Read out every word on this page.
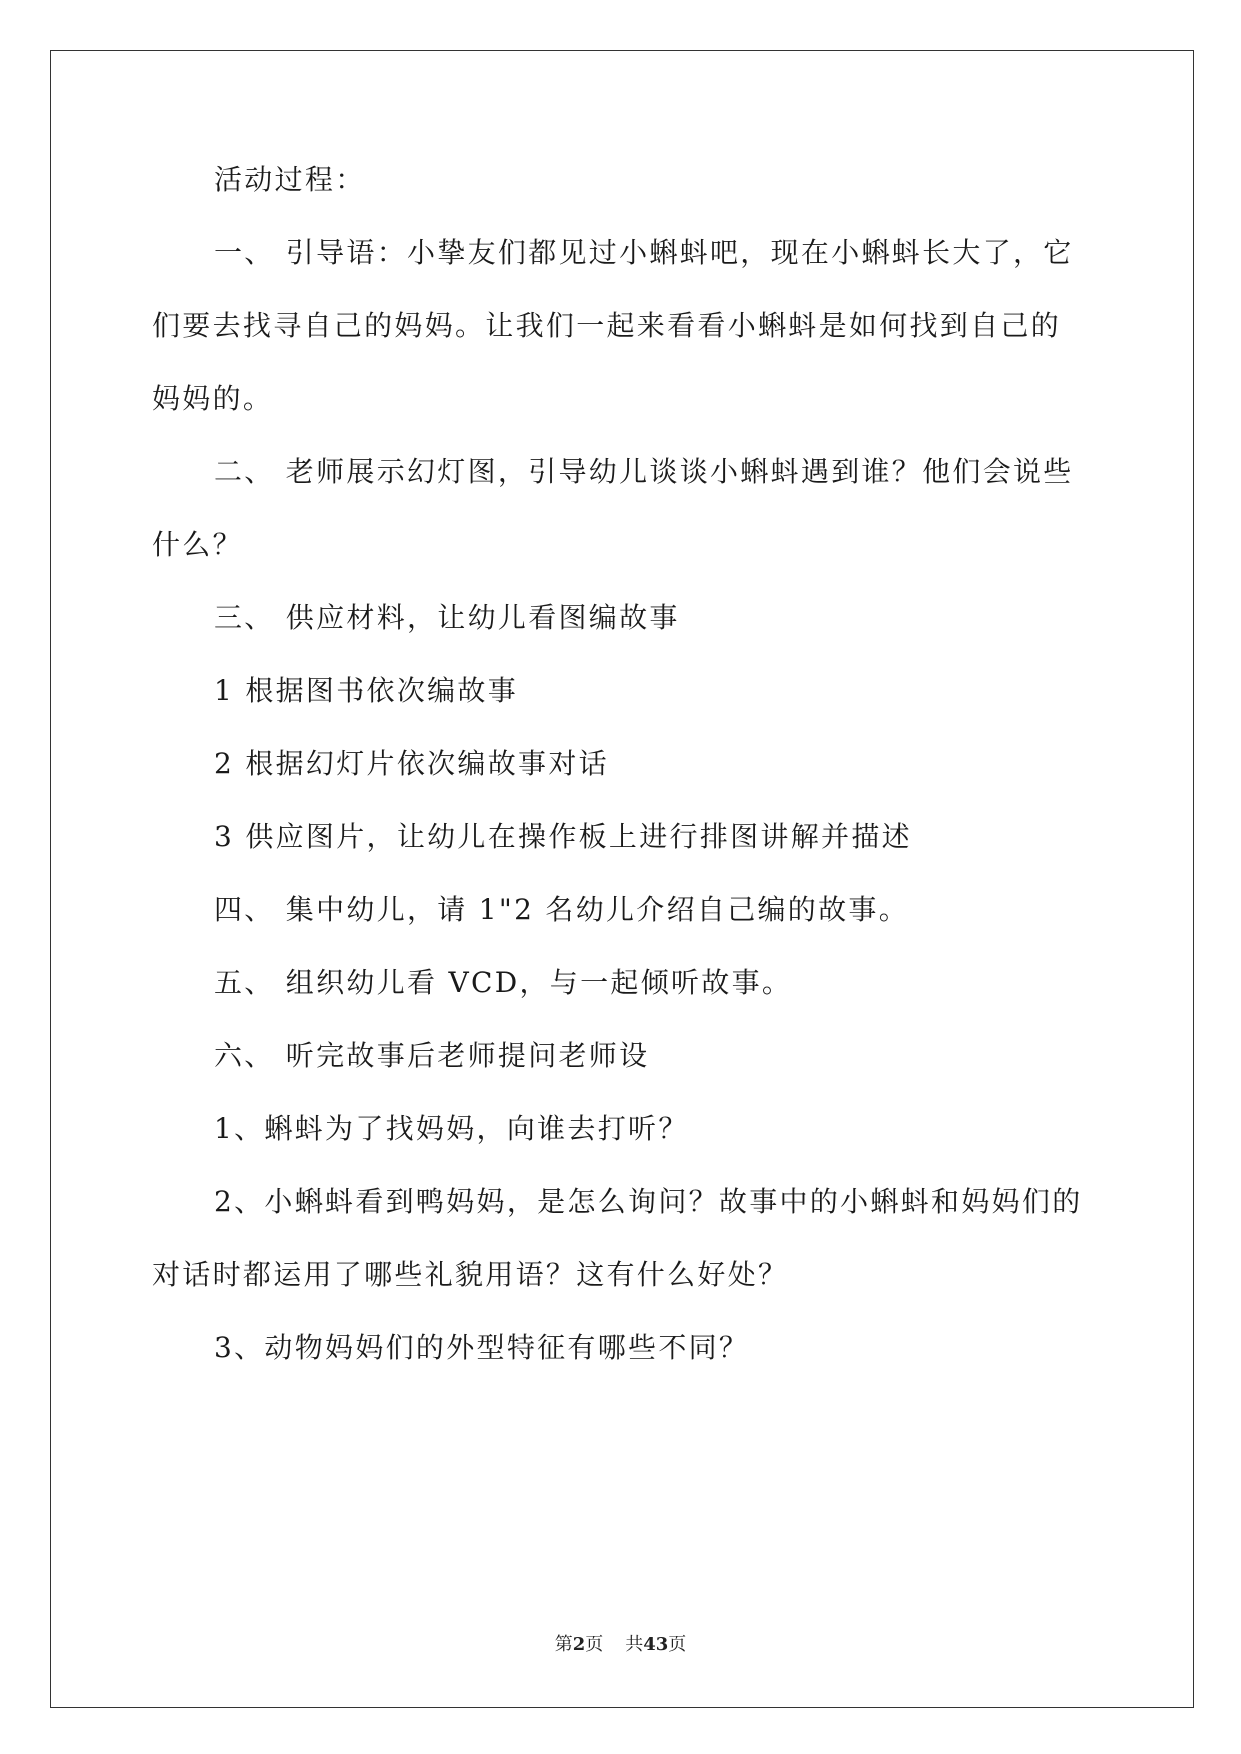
活动过程：
一、 引导语：小挚友们都见过小蝌蚪吧，现在小蝌蚪长大了，它
们要去找寻自己的妈妈。让我们一起来看看小蝌蚪是如何找到自己的
妈妈的。
二、 老师展示幻灯图，引导幼儿谈谈小蝌蚪遇到谁？他们会说些
什么？
三、 供应材料，让幼儿看图编故事
1 根据图书依次编故事
2 根据幻灯片依次编故事对话
3 供应图片，让幼儿在操作板上进行排图讲解并描述
四、 集中幼儿，请 1"2 名幼儿介绍自己编的故事。
五、 组织幼儿看 VCD，与一起倾听故事。
六、 听完故事后老师提问老师设
1、蝌蚪为了找妈妈，向谁去打听？
2、小蝌蚪看到鸭妈妈，是怎么询问？故事中的小蝌蚪和妈妈们的
对话时都运用了哪些礼貌用语？这有什么好处？
3、动物妈妈们的外型特征有哪些不同？
第2页 共43页
